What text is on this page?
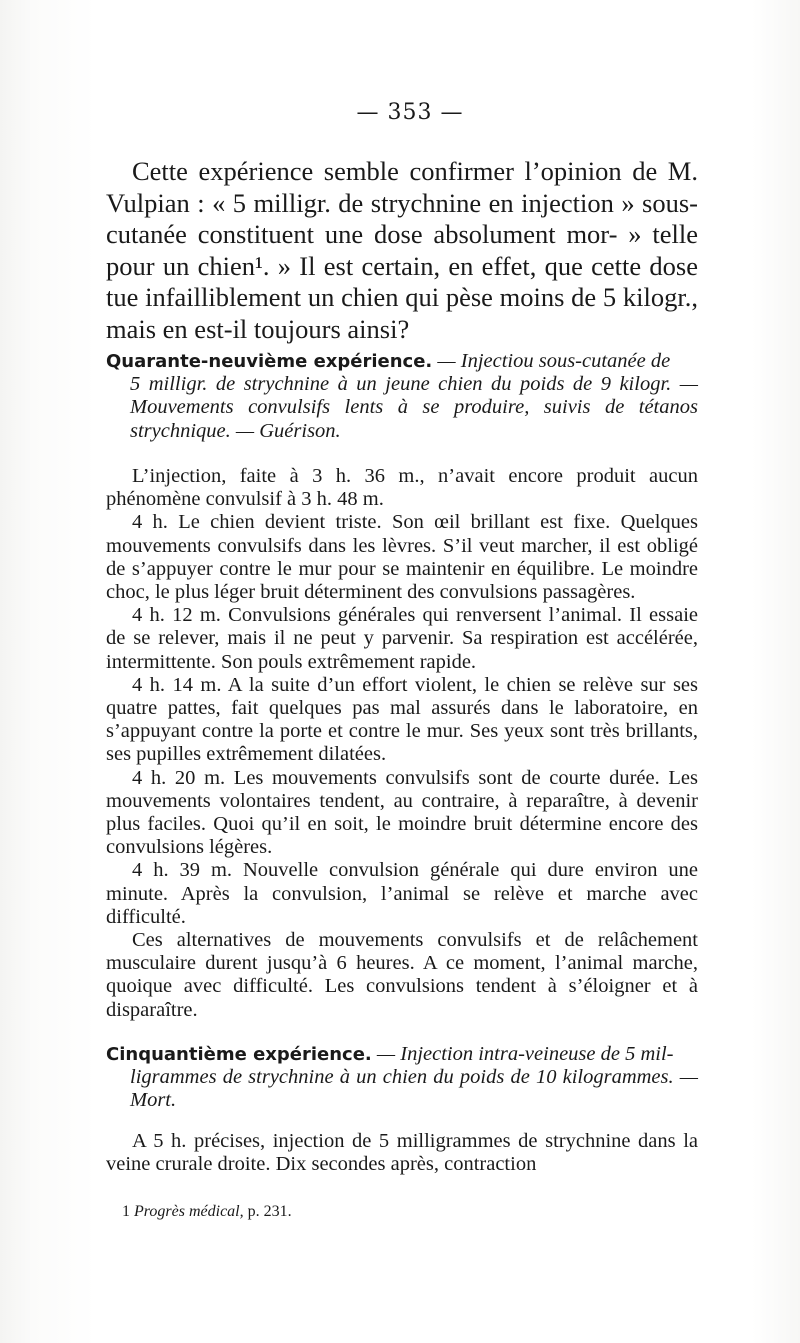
— 353 —

Cette expérience semble confirmer l’opinion de M. Vulpian : « 5 milligr. de strychnine en injection » sous-cutanée constituent une dose absolument mor- » telle pour un chien¹. » Il est certain, en effet, que cette dose tue infailliblement un chien qui pèse moins de 5 kilogr., mais en est-il toujours ainsi?

Quarante-neuvième expérience. — Injectiou sous-cutanée de
5 milligr. de strychnine à un jeune chien du poids de 9 kilogr. — Mouvements convulsifs lents à se produire, suivis de tétanos strychnique. — Guérison.

L’injection, faite à 3 h. 36 m., n’avait encore produit aucun phénomène convulsif à 3 h. 48 m.

4 h. Le chien devient triste. Son œil brillant est fixe. Quelques mouvements convulsifs dans les lèvres. S’il veut marcher, il est obligé de s’appuyer contre le mur pour se maintenir en équilibre. Le moindre choc, le plus léger bruit déterminent des convulsions passagères.

4 h. 12 m. Convulsions générales qui renversent l’animal. Il essaie de se relever, mais il ne peut y parvenir. Sa respiration est accélérée, intermittente. Son pouls extrêmement rapide.

4 h. 14 m. A la suite d’un effort violent, le chien se relève sur ses quatre pattes, fait quelques pas mal assurés dans le laboratoire, en s’appuyant contre la porte et contre le mur. Ses yeux sont très brillants, ses pupilles extrêmement dilatées.

4 h. 20 m. Les mouvements convulsifs sont de courte durée. Les mouvements volontaires tendent, au contraire, à reparaître, à devenir plus faciles. Quoi qu’il en soit, le moindre bruit détermine encore des convulsions légères.

4 h. 39 m. Nouvelle convulsion générale qui dure environ une minute. Après la convulsion, l’animal se relève et marche avec difficulté.

Ces alternatives de mouvements convulsifs et de relâchement musculaire durent jusqu’à 6 heures. A ce moment, l’animal marche, quoique avec difficulté. Les convulsions tendent à s’éloigner et à disparaître.

Cinquantième expérience. — Injection intra-veineuse de 5 mil-
ligrammes de strychnine à un chien du poids de 10 kilogrammes. — Mort.

A 5 h. précises, injection de 5 milligrammes de strychnine dans la veine crurale droite. Dix secondes après, contraction

1 Progrès médical, p. 231.
